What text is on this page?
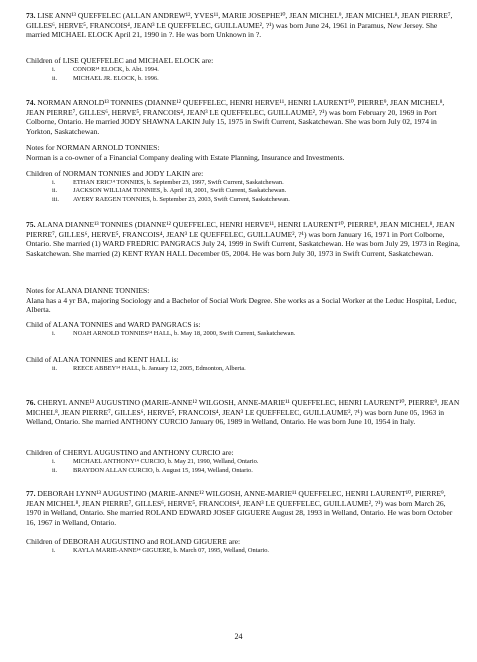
73. LISE ANN¹³ QUEFFELEC (ALLAN ANDREW¹², YVES¹¹, MARIE JOSEPHE¹⁰, JEAN MICHEL⁹, JEAN MICHEL⁸, JEAN PIERRE⁷, GILLES⁶, HERVE⁵, FRANCOIS⁴, JEAN³ LE QUEFFELEC, GUILLAUME², ?¹) was born June 24, 1961 in Paramus, New Jersey. She married MICHAEL ELOCK April 21, 1990 in ?. He was born Unknown in ?.

Children of LISE QUEFFELEC and MICHAEL ELOCK are:

i.	CONOR¹⁴ ELOCK, b. Abt. 1994.
ii. MICHAEL JR. ELOCK, b. 1996.

74. NORMAN ARNOLD¹³ TONNIES (DIANNE¹² QUEFFELEC, HENRI HERVE¹¹, HENRI LAURENT¹⁰, PIERRE⁹, JEAN MICHEL⁸, JEAN PIERRE⁷, GILLES⁶, HERVE⁵, FRANCOIS⁴, JEAN³ LE QUEFFELEC, GUILLAUME², ?¹) was born February 20, 1969 in Port Colborne, Ontario. He married JODY SHAWNA LAKIN July 15, 1975 in Swift Current, Saskatchewan. She was born July 02, 1974 in Yorkton, Saskatchewan.

Notes for NORMAN ARNOLD TONNIES:

Norman is a co-owner of a Financial Company dealing with Estate Planning, Insurance and Investments.

Children of NORMAN TONNIES and JODY LAKIN are:

i.	ETHAN ERIC¹⁴ TONNIES, b. September 23, 1997, Swift Current, Saskatchewan.
ii. JACKSON WILLIAM TONNIES, b. April 18, 2001, Swift Current, Saskatchewan.
iii. AVERY RAEGEN TONNIES, b. September 23, 2003, Swift Current, Saskatchewan.

75. ALANA DIANNE¹³ TONNIES (DIANNE¹² QUEFFELEC, HENRI HERVE¹¹, HENRI LAURENT¹⁰, PIERRE⁹, JEAN MICHEL⁸, JEAN PIERRE⁷, GILLES⁶, HERVE⁵, FRANCOIS⁴, JEAN³ LE QUEFFELEC, GUILLAUME², ?¹) was born January 16, 1971 in Port Colborne, Ontario. She married (1) WARD FREDRIC PANGRACS July 24, 1999 in Swift Current, Saskatchewan. He was born July 29, 1973 in Regina, Saskatchewan. She married (2) KENT RYAN HALL December 05, 2004. He was born July 30, 1973 in Swift Current, Saskatchewan.

Notes for ALANA DIANNE TONNIES:

Alana has a 4 yr BA, majoring Sociology and a Bachelor of Social Work Degree. She works as a Social Worker at the Leduc Hospital, Leduc, Alberta.

Child of ALANA TONNIES and WARD PANGRACS is:

i.	NOAH ARNOLD TONNIES¹⁴ HALL, b. May 18, 2000, Swift Current, Saskatchewan.

Child of ALANA TONNIES and KENT HALL is:

ii. REECE ABBEY¹⁴ HALL, b. January 12, 2005, Edmonton, Alberta.

76. CHERYL ANNE¹³ AUGUSTINO (MARIE-ANNE¹² WILGOSH, ANNE-MARIE¹¹ QUEFFELEC, HENRI LAURENT¹⁰, PIERRE⁹, JEAN MICHEL⁸, JEAN PIERRE⁷, GILLES⁶, HERVE⁵, FRANCOIS⁴, JEAN³ LE QUEFFELEC, GUILLAUME², ?¹) was born June 05, 1963 in Welland, Ontario. She married ANTHONY CURCIO January 06, 1989 in Welland, Ontario. He was born June 10, 1954 in Italy.

Children of CHERYL AUGUSTINO and ANTHONY CURCIO are:

i.	MICHAEL ANTHONY¹⁴ CURCIO, b. May 21, 1990, Welland, Ontario.
ii. BRAYDON ALLAN CURCIO, b. August 15, 1994, Welland, Ontario.

77. DEBORAH LYNN¹³ AUGUSTINO (MARIE-ANNE¹² WILGOSH, ANNE-MARIE¹¹ QUEFFELEC, HENRI LAURENT¹⁰, PIERRE⁹, JEAN MICHEL⁸, JEAN PIERRE⁷, GILLES⁶, HERVE⁵, FRANCOIS⁴, JEAN³ LE QUEFFELEC, GUILLAUME², ?¹) was born March 26, 1970 in Welland, Ontario. She married ROLAND EDWARD JOSEF GIGUERE August 28, 1993 in Welland, Ontario. He was born October 16, 1967 in Welland, Ontario.

Children of DEBORAH AUGUSTINO and ROLAND GIGUERE are:

i.	KAYLA MARIE-ANNE¹⁴ GIGUERE, b. March 07, 1995, Welland, Ontario.
24
